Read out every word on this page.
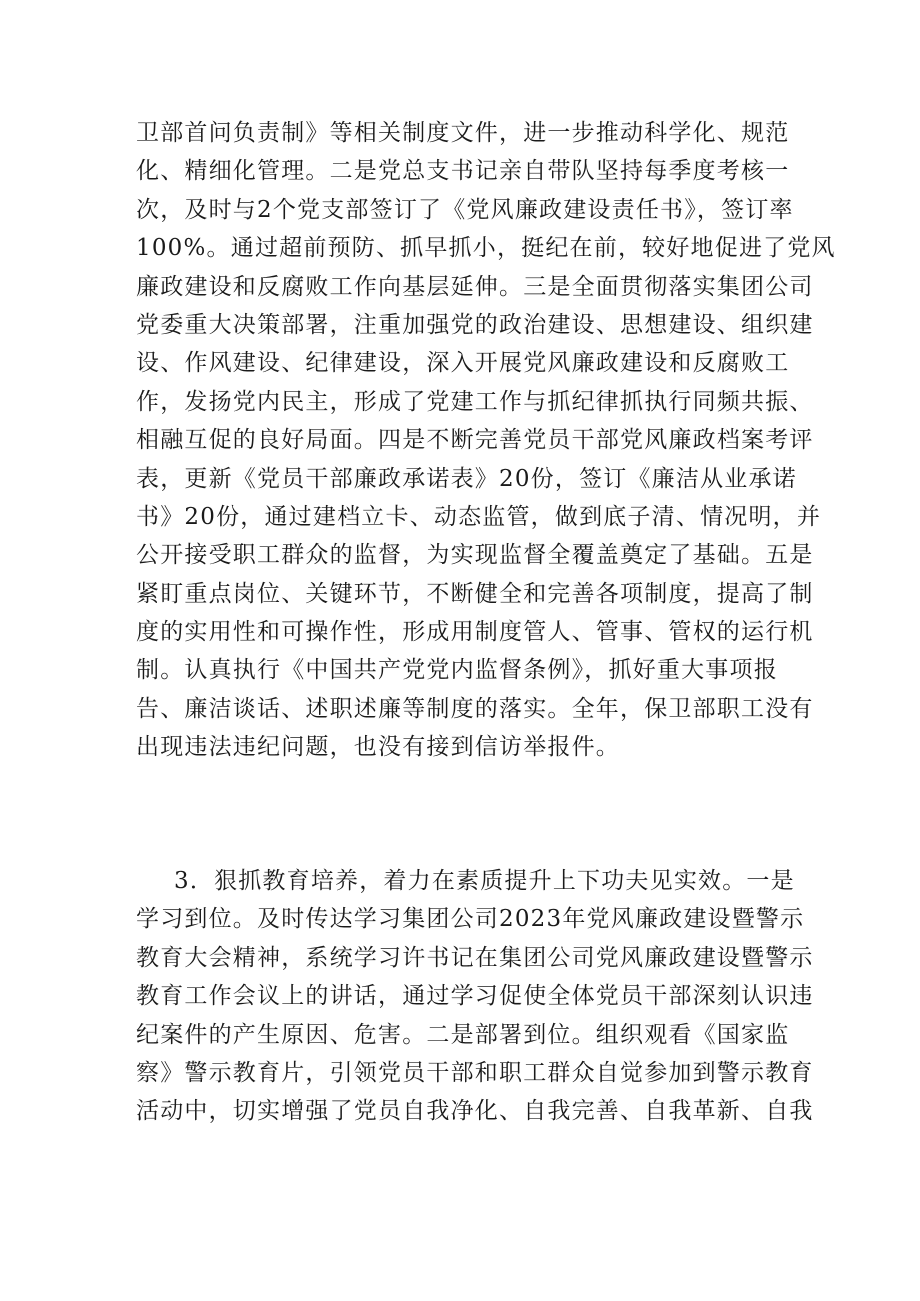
卫部首问负责制》等相关制度文件，进一步推动科学化、规范
化、精细化管理。二是党总支书记亲自带队坚持每季度考核一
次，及时与2个党支部签订了《党风廉政建设责任书》，签订率
100%。通过超前预防、抓早抓小，挺纪在前，较好地促进了党风
廉政建设和反腐败工作向基层延伸。三是全面贯彻落实集团公司
党委重大决策部署，注重加强党的政治建设、思想建设、组织建
设、作风建设、纪律建设，深入开展党风廉政建设和反腐败工
作，发扬党内民主，形成了党建工作与抓纪律抓执行同频共振、
相融互促的良好局面。四是不断完善党员干部党风廉政档案考评
表，更新《党员干部廉政承诺表》20份，签订《廉洁从业承诺
书》20份，通过建档立卡、动态监管，做到底子清、情况明，并
公开接受职工群众的监督，为实现监督全覆盖奠定了基础。五是
紧盯重点岗位、关键环节，不断健全和完善各项制度，提高了制
度的实用性和可操作性，形成用制度管人、管事、管权的运行机
制。认真执行《中国共产党党内监督条例》，抓好重大事项报
告、廉洁谈话、述职述廉等制度的落实。全年，保卫部职工没有
出现违法违纪问题，也没有接到信访举报件。
3．狠抓教育培养，着力在素质提升上下功夫见实效。一是
学习到位。及时传达学习集团公司2023年党风廉政建设暨警示
教育大会精神，系统学习许书记在集团公司党风廉政建设暨警示
教育工作会议上的讲话，通过学习促使全体党员干部深刻认识违
纪案件的产生原因、危害。二是部署到位。组织观看《国家监
察》警示教育片，引领党员干部和职工群众自觉参加到警示教育
活动中，切实增强了党员自我净化、自我完善、自我革新、自我
